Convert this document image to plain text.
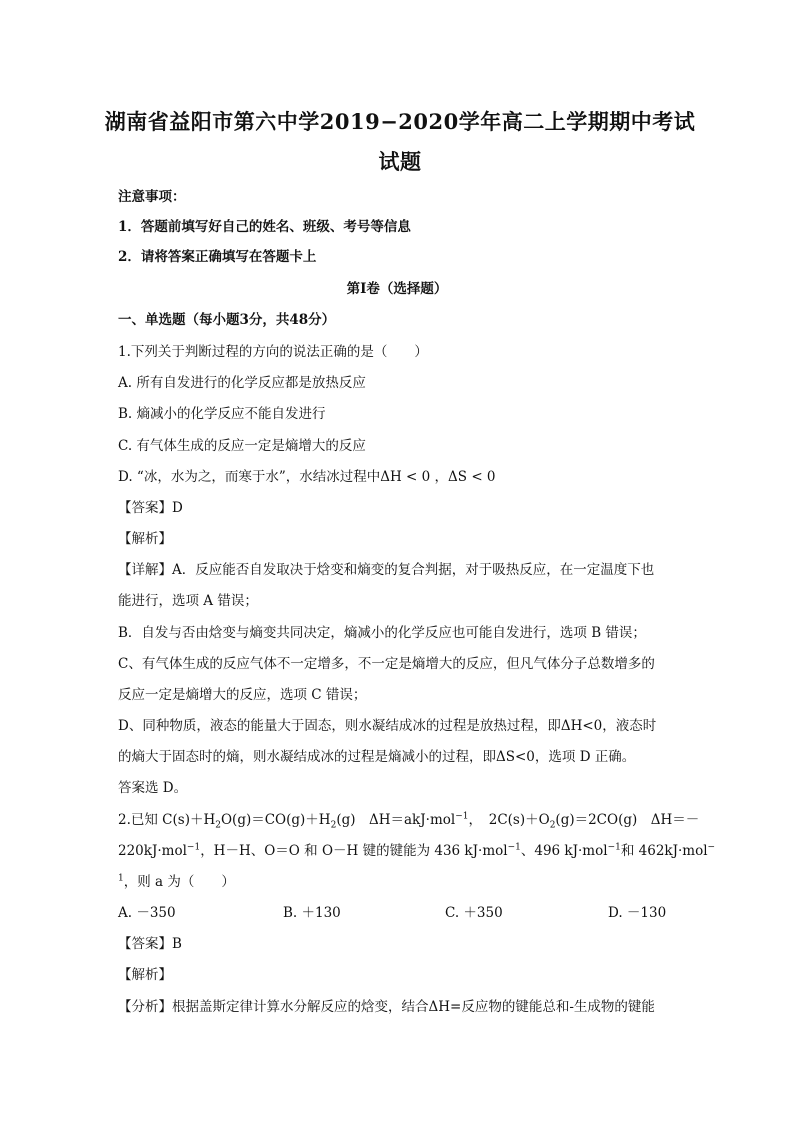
湖南省益阳市第六中学2019−2020学年高二上学期期中考试
试题
注意事项：
1．答题前填写好自己的姓名、班级、考号等信息
2．请将答案正确填写在答题卡上
第Ⅰ卷（选择题）
一、单选题（每小题3分，共48分）
1.下列关于判断过程的方向的说法正确的是（　　）
A. 所有自发进行的化学反应都是放热反应
B. 熵减小的化学反应不能自发进行
C. 有气体生成的反应一定是熵增大的反应
D. “冰，水为之，而寒于水”，水结冰过程中ΔH < 0 ，ΔS < 0
【答案】D
【解析】
【详解】A．反应能否自发取决于焓变和熵变的复合判据，对于吸热反应，在一定温度下也
能进行，选项 A 错误；
B．自发与否由焓变与熵变共同决定，熵减小的化学反应也可能自发进行，选项 B 错误；
C、有气体生成的反应气体不一定增多，不一定是熵增大的反应，但凡气体分子总数增多的
反应一定是熵增大的反应，选项 C 错误；
D、同种物质，液态的能量大于固态，则水凝结成冰的过程是放热过程，即ΔH<0，液态时
的熵大于固态时的熵，则水凝结成冰的过程是熵减小的过程，即ΔS<0，选项 D 正确。
答案选 D。
2.已知 $C(s)+H_2O(g)=CO(g)+H_2(g)$　ΔH＝akJ·mol$^{-1}$，　$2C(s)+O_2(g)=2CO(g)$　ΔH＝－
220kJ·mol$^{-1}$，H－H、O＝O 和 O－H 键的键能为 436 kJ·mol$^{-1}$、496 kJ·mol$^{-1}$和 462kJ·mol−
$^1$，则 a 为（　　）
A. －350	B. ＋130	C. ＋350	D. －130
【答案】B
【解析】
【分析】根据盖斯定律计算水分解反应的焓变，结合ΔH=反应物的键能总和-生成物的键能
